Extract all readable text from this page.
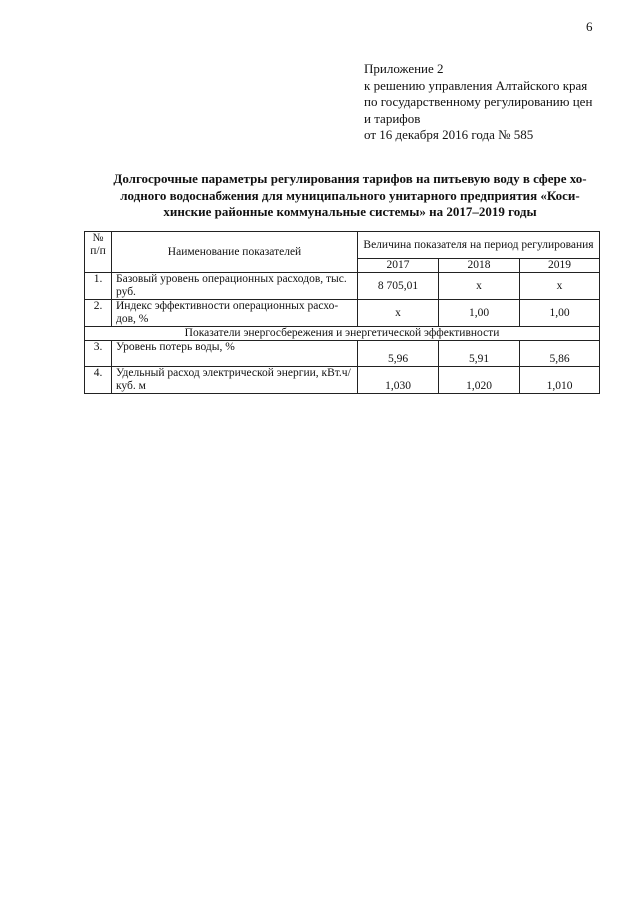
6
Приложение 2
к решению управления Алтайского края
по государственному регулированию цен
и тарифов
от 16 декабря 2016 года № 585
Долгосрочные параметры регулирования тарифов на питьевую воду в сфере хо-
лодного водоснабжения для муниципального унитарного предприятия «Коси-
хинские районные коммунальные системы» на 2017–2019 годы
№
п/п	Наименование показателей	Величина показателя на период регулирования		
		2017	2018	2019
1.	Базовый уровень операционных расходов, тыс. руб.	8 705,01	х	х
2.	Индекс эффективности операционных расхо-дов, %	х	1,00	1,00
Показатели энергосбережения и энергетической эффективности				
3.	Уровень потерь воды, %	5,96	5,91	5,86
4.	Удельный расход электрической энергии, кВт.ч/куб. м	1,030	1,020	1,010
